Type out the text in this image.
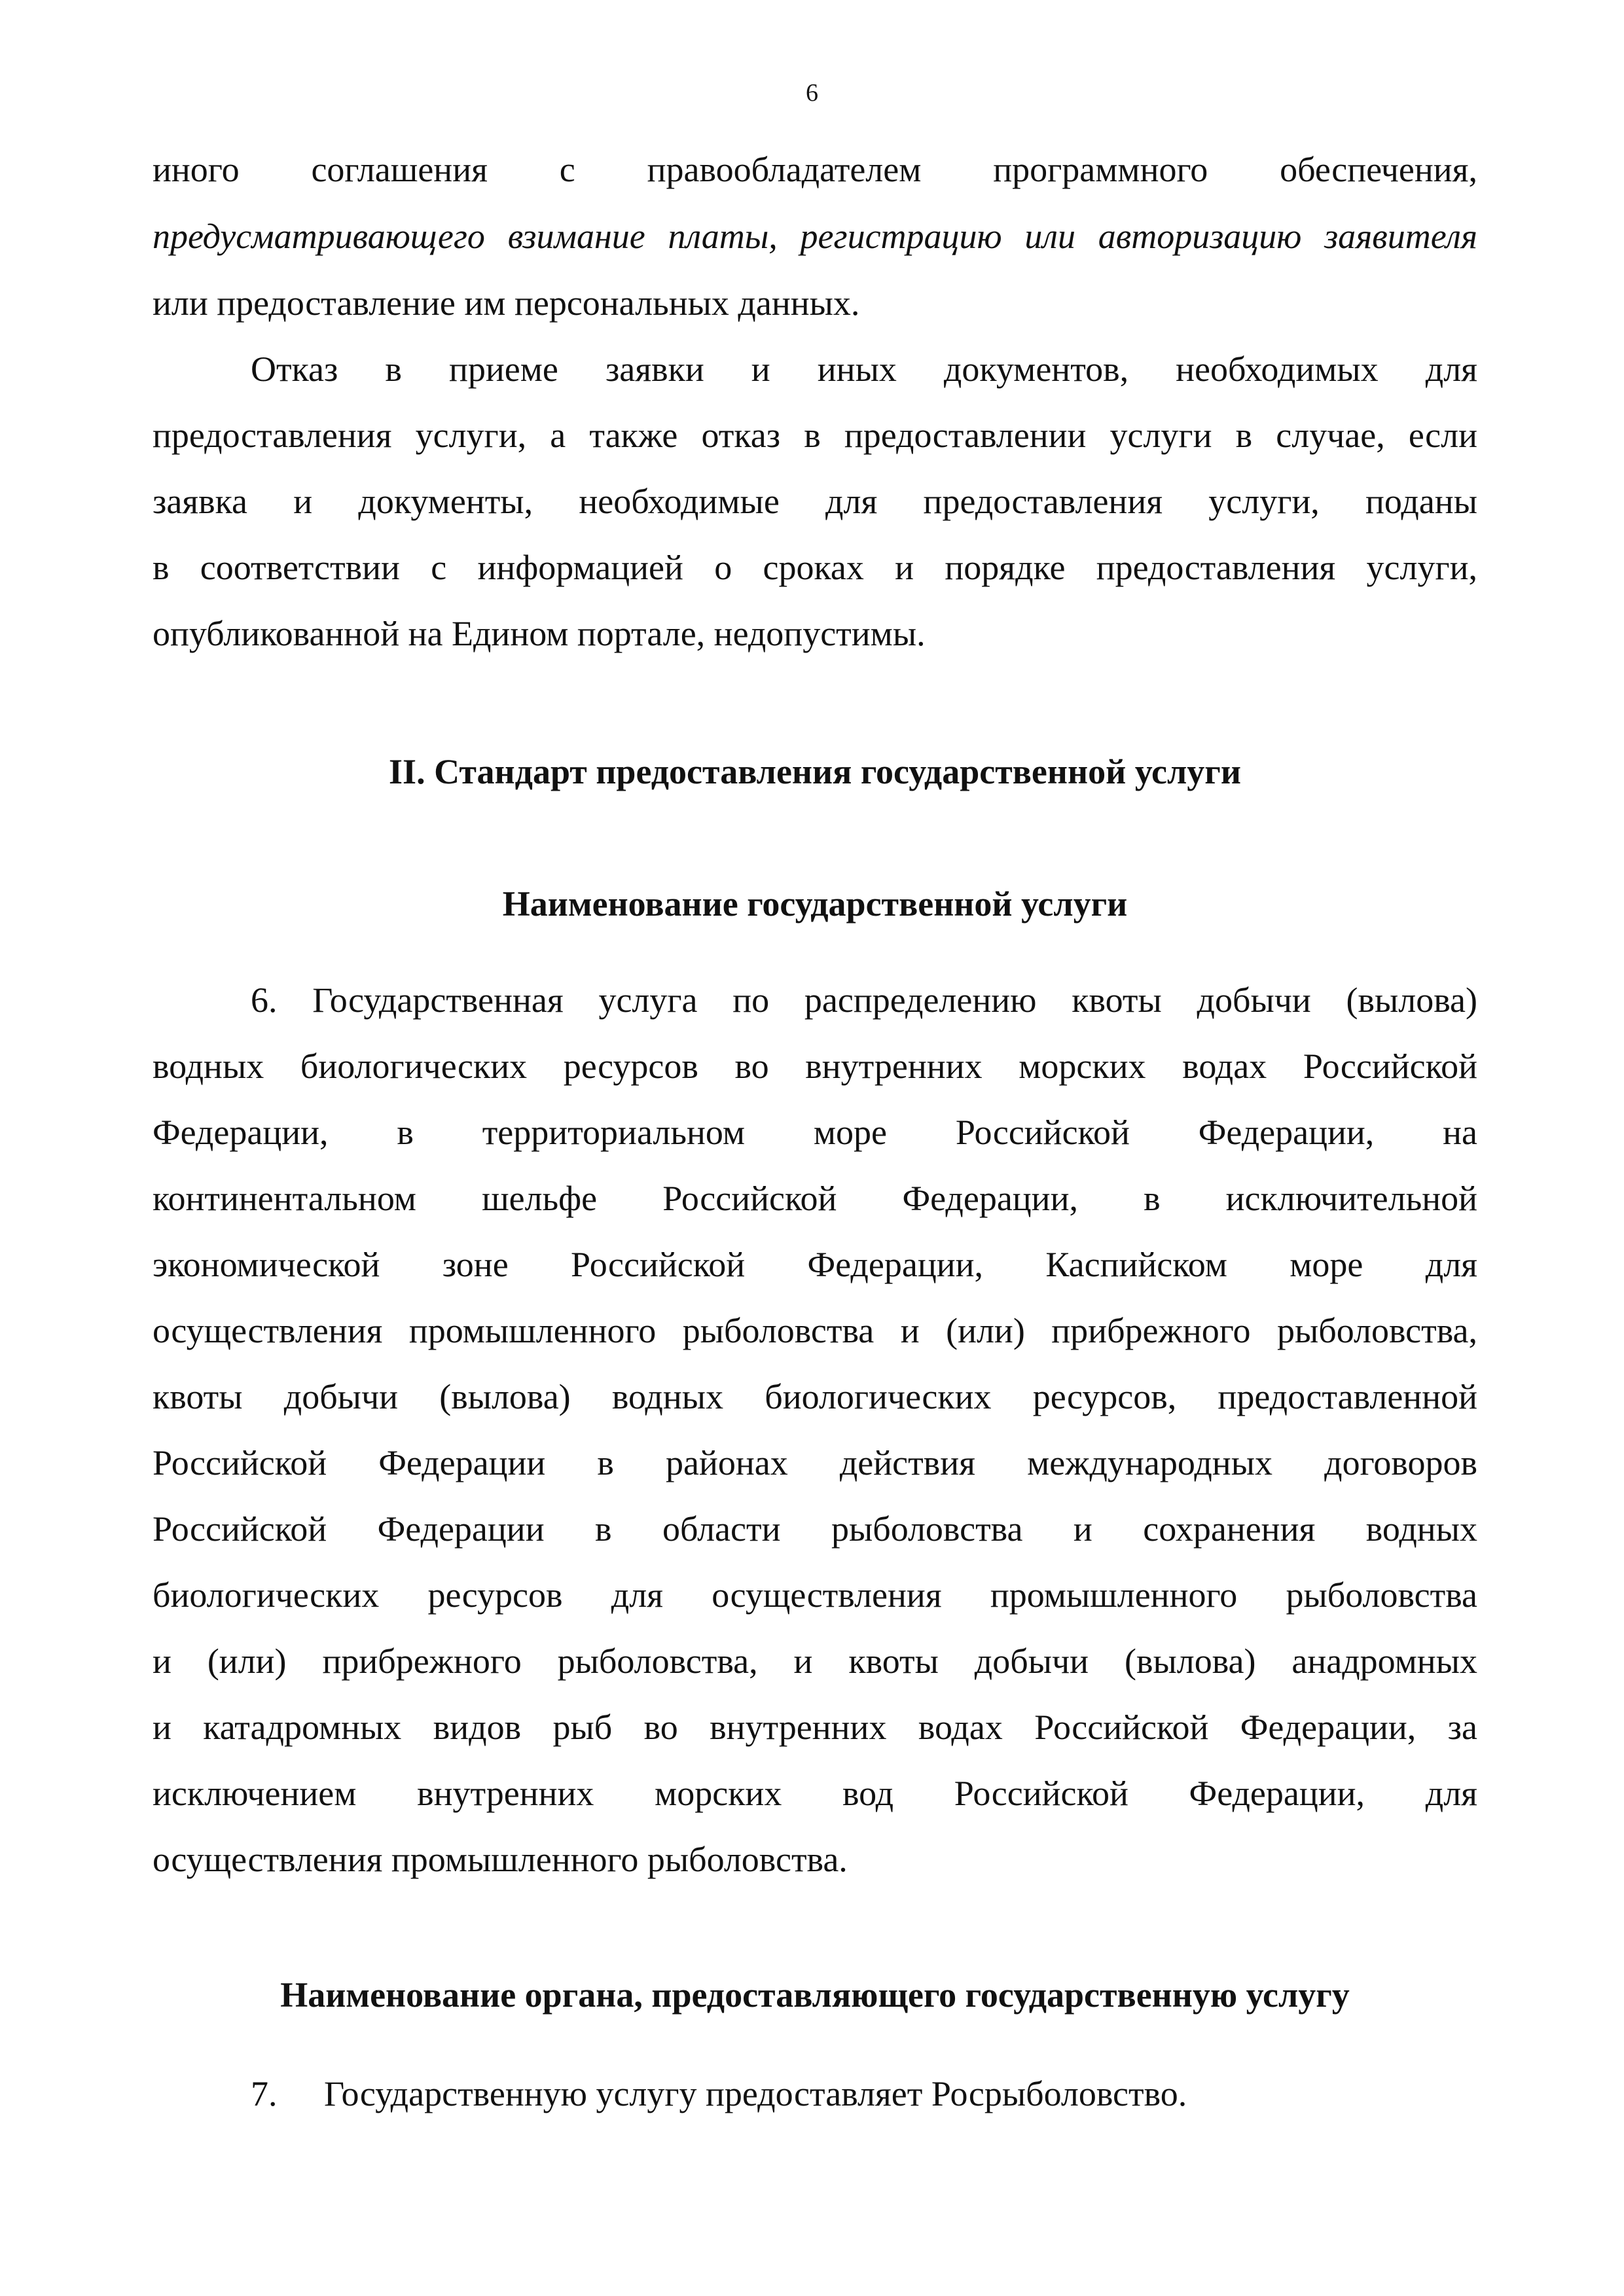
6
иного соглашения с правообладателем программного обеспечения,
предусматривающего взимание платы, регистрацию или авторизацию заявителя
или предоставление им персональных данных.
Отказ в приеме заявки и иных документов, необходимых для
предоставления услуги, а также отказ в предоставлении услуги в случае, если
заявка и документы, необходимые для предоставления услуги, поданы
в соответствии с информацией о сроках и порядке предоставления услуги,
опубликованной на Едином портале, недопустимы.
II. Стандарт предоставления государственной услуги
Наименование государственной услуги
6. Государственная услуга по распределению квоты добычи (вылова)
водных биологических ресурсов во внутренних морских водах Российской
Федерации, в территориальном море Российской Федерации, на
континентальном шельфе Российской Федерации, в исключительной
экономической зоне Российской Федерации, Каспийском море для
осуществления промышленного рыболовства и (или) прибрежного рыболовства,
квоты добычи (вылова) водных биологических ресурсов, предоставленной
Российской Федерации в районах действия международных договоров
Российской Федерации в области рыболовства и сохранения водных
биологических ресурсов для осуществления промышленного рыболовства
и (или) прибрежного рыболовства, и квоты добычи (вылова) анадромных
и катадромных видов рыб во внутренних водах Российской Федерации, за
исключением внутренних морских вод Российской Федерации, для
осуществления промышленного рыболовства.
Наименование органа, предоставляющего государственную услугу
7.	Государственную услугу предоставляет Росрыболовство.
